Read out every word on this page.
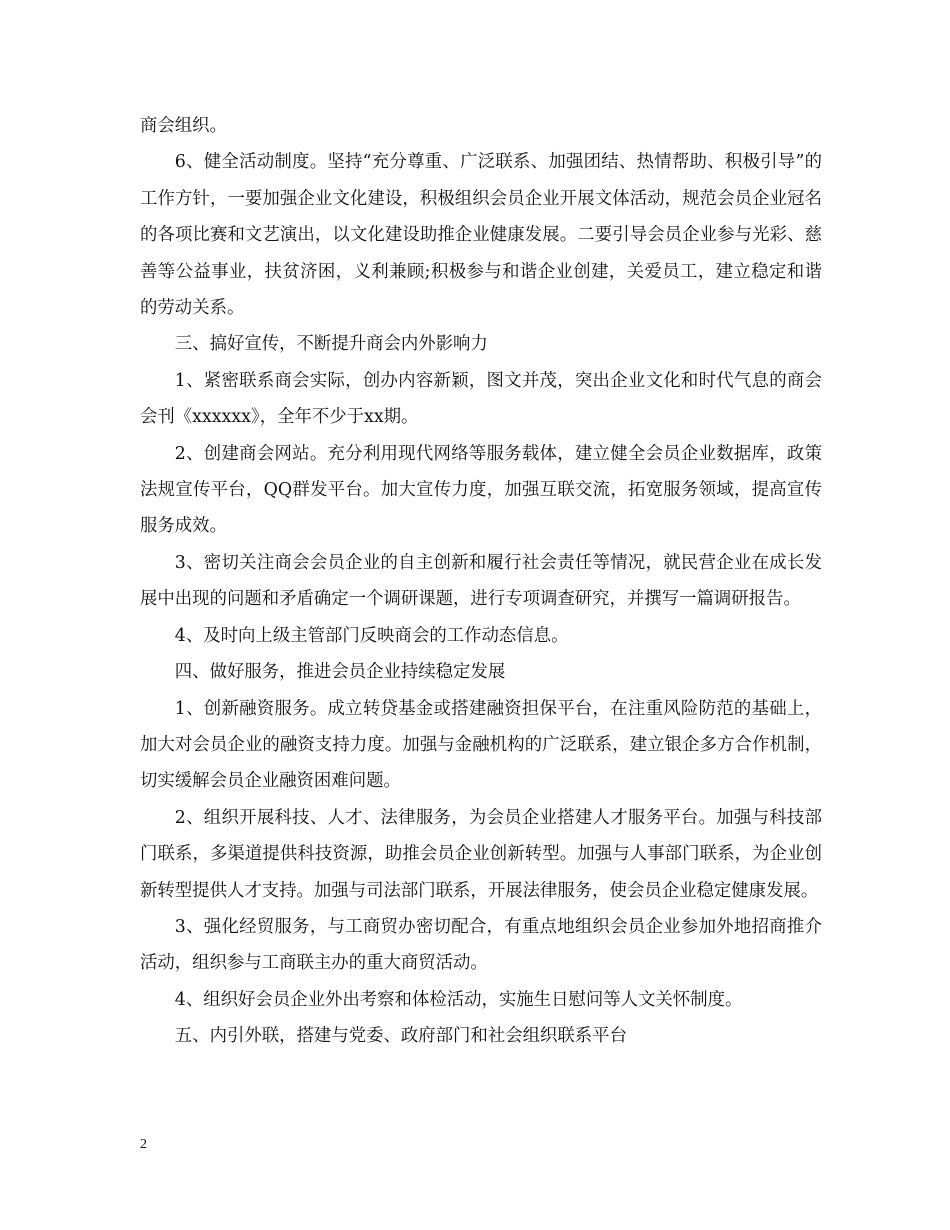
商会组织。

6、健全活动制度。坚持“充分尊重、广泛联系、加强团结、热情帮助、积极引导”的工作方针，一要加强企业文化建设，积极组织会员企业开展文体活动，规范会员企业冠名的各项比赛和文艺演出，以文化建设助推企业健康发展。二要引导会员企业参与光彩、慈善等公益事业，扶贫济困，义利兼顾;积极参与和谐企业创建，关爱员工，建立稳定和谐的劳动关系。

三、搞好宣传，不断提升商会内外影响力

1、紧密联系商会实际，创办内容新颖，图文并茂，突出企业文化和时代气息的商会会刊《xxxxxx》，全年不少于xx期。

2、创建商会网站。充分利用现代网络等服务载体，建立健全会员企业数据库，政策法规宣传平台，QQ群发平台。加大宣传力度，加强互联交流，拓宽服务领域，提高宣传服务成效。

3、密切关注商会会员企业的自主创新和履行社会责任等情况，就民营企业在成长发展中出现的问题和矛盾确定一个调研课题，进行专项调查研究，并撰写一篇调研报告。

4、及时向上级主管部门反映商会的工作动态信息。

四、做好服务，推进会员企业持续稳定发展

1、创新融资服务。成立转贷基金或搭建融资担保平台，在注重风险防范的基础上，加大对会员企业的融资支持力度。加强与金融机构的广泛联系，建立银企多方合作机制，切实缓解会员企业融资困难问题。

2、组织开展科技、人才、法律服务，为会员企业搭建人才服务平台。加强与科技部门联系，多渠道提供科技资源，助推会员企业创新转型。加强与人事部门联系，为企业创新转型提供人才支持。加强与司法部门联系，开展法律服务，使会员企业稳定健康发展。

3、强化经贸服务，与工商贸办密切配合，有重点地组织会员企业参加外地招商推介活动，组织参与工商联主办的重大商贸活动。

4、组织好会员企业外出考察和体检活动，实施生日慰问等人文关怀制度。

五、内引外联，搭建与党委、政府部门和社会组织联系平台

2
